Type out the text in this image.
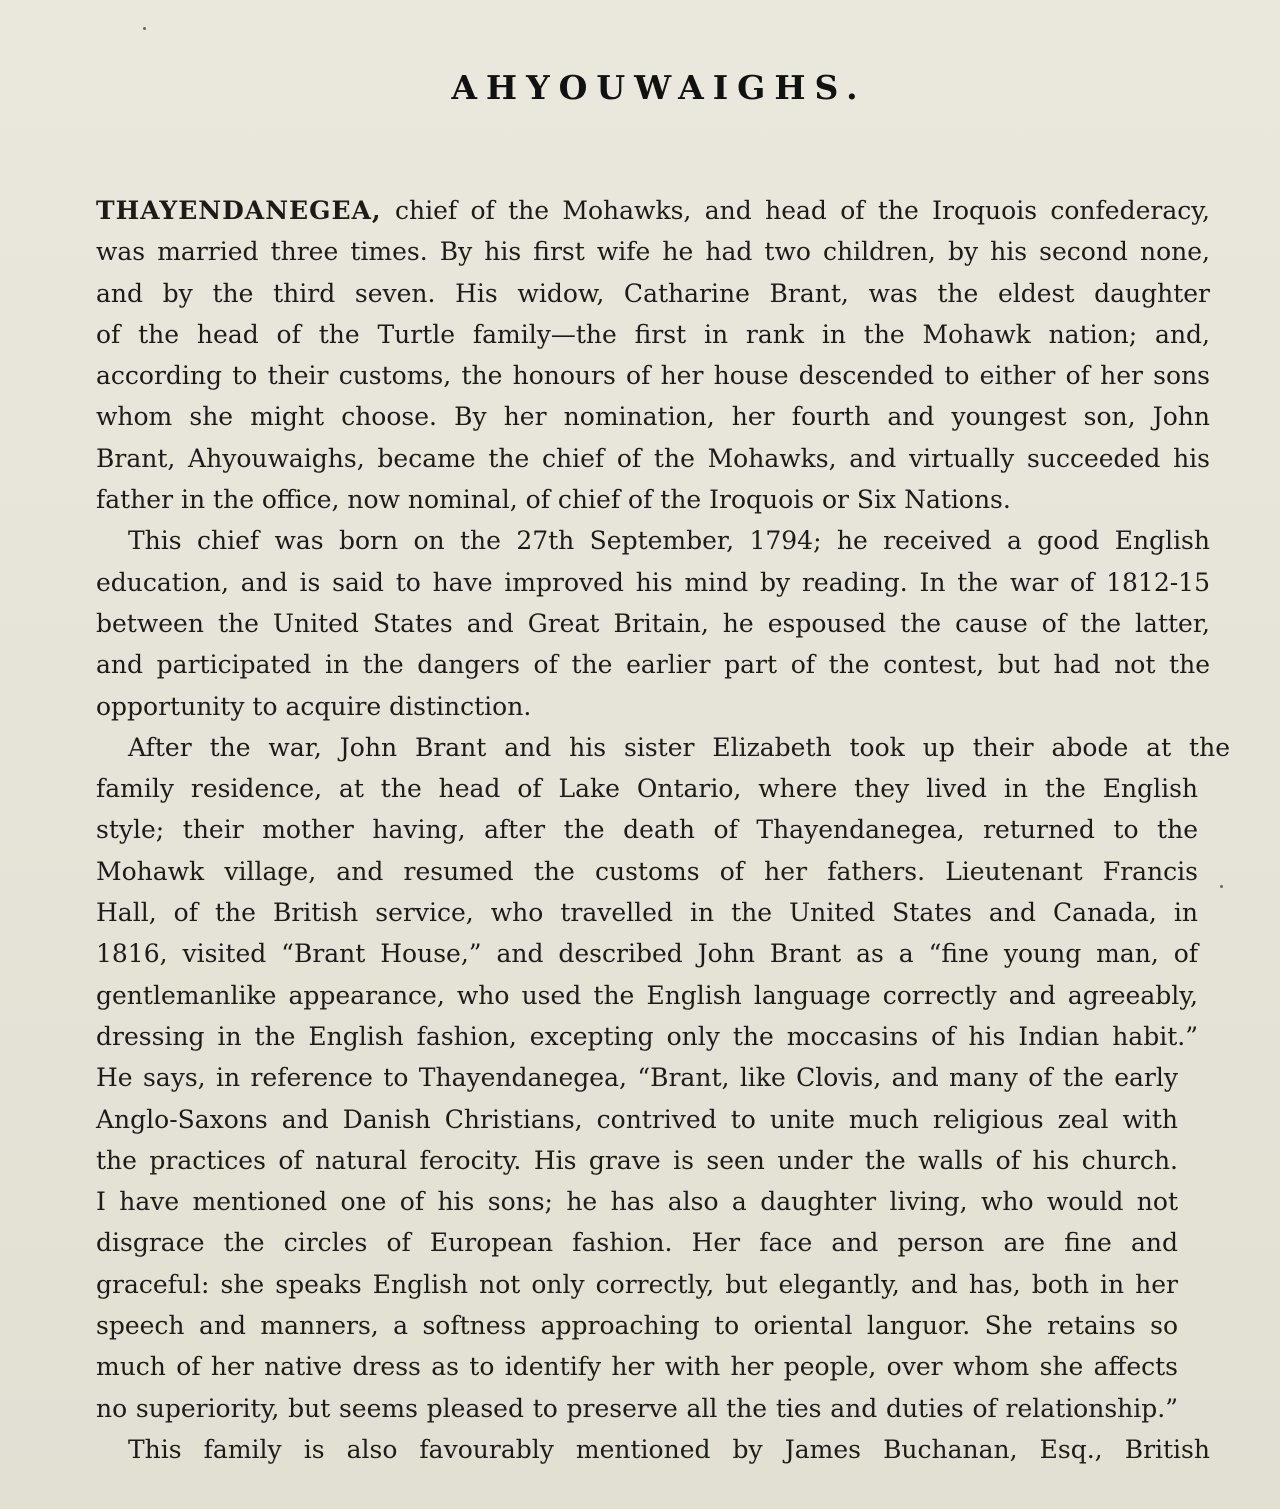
AHYOUWAIGHS.
THAYENDANEGEA, chief of the Mohawks, and head of the Iroquois confederacy,
was married three times. By his first wife he had two children, by his second none,
and by the third seven. His widow, Catharine Brant, was the eldest daughter
of the head of the Turtle family—the first in rank in the Mohawk nation; and,
according to their customs, the honours of her house descended to either of her sons
whom she might choose. By her nomination, her fourth and youngest son, John
Brant, Ahyouwaighs, became the chief of the Mohawks, and virtually succeeded his
father in the office, now nominal, of chief of the Iroquois or Six Nations.
This chief was born on the 27th September, 1794; he received a good English
education, and is said to have improved his mind by reading. In the war of 1812-15
between the United States and Great Britain, he espoused the cause of the latter,
and participated in the dangers of the earlier part of the contest, but had not the
opportunity to acquire distinction.
After the war, John Brant and his sister Elizabeth took up their abode at the
family residence, at the head of Lake Ontario, where they lived in the English
style; their mother having, after the death of Thayendanegea, returned to the
Mohawk village, and resumed the customs of her fathers. Lieutenant Francis
Hall, of the British service, who travelled in the United States and Canada, in
1816, visited “Brant House,” and described John Brant as a “fine young man, of
gentlemanlike appearance, who used the English language correctly and agreeably,
dressing in the English fashion, excepting only the moccasins of his Indian habit.”
He says, in reference to Thayendanegea, “Brant, like Clovis, and many of the early
Anglo-Saxons and Danish Christians, contrived to unite much religious zeal with
the practices of natural ferocity. His grave is seen under the walls of his church.
I have mentioned one of his sons; he has also a daughter living, who would not
disgrace the circles of European fashion. Her face and person are fine and
graceful: she speaks English not only correctly, but elegantly, and has, both in her
speech and manners, a softness approaching to oriental languor. She retains so
much of her native dress as to identify her with her people, over whom she affects
no superiority, but seems pleased to preserve all the ties and duties of relationship.”
This family is also favourably mentioned by James Buchanan, Esq., British
